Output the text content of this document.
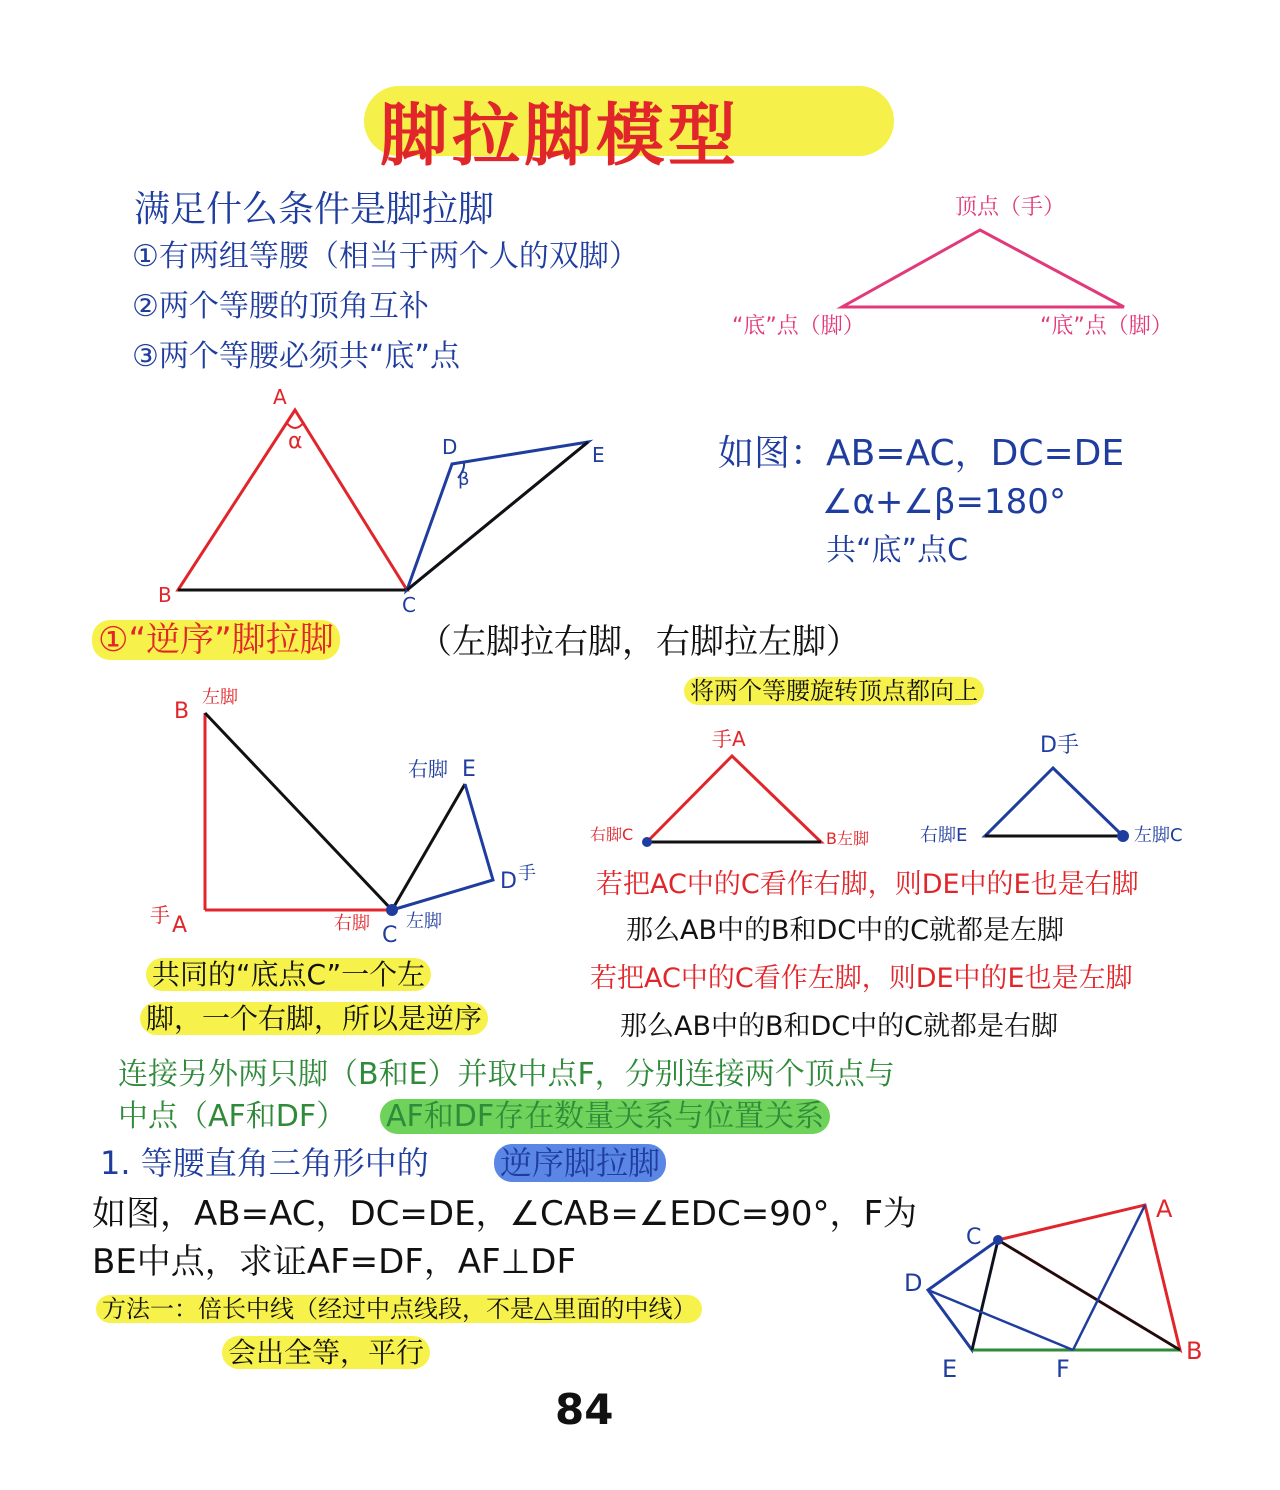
脚拉脚模型
满足什么条件是脚拉脚
①有两组等腰（相当于两个人的双脚）
②两个等腰的顶角互补
③两个等腰必须共“底”点
顶点（手）
“底”点（脚）	“底”点（脚）
A
α
B	C
D
β
E	如图：AB=AC，DC=DE
∠α+∠β=180°
共“底”点C
①“逆序”脚拉脚 （左脚拉右脚，右脚拉左脚）
将两个等腰旋转顶点都向上
B
左脚
手 A	右脚 C
左脚
右脚 E
D 手
共同的“底点C”一个左
脚，一个右脚，所以是逆序
手A
右脚C	B左脚
D手
右脚E	左脚C
若把AC中的C看作右脚，则DE中的E也是右脚
那么AB中的B和DC中的C就都是左脚
若把AC中的C看作左脚，则DE中的E也是左脚
那么AB中的B和DC中的C就都是右脚
连接另外两只脚（B和E）并取中点F，分别连接两个顶点与
中点（AF和DF） AF和DF存在数量关系与位置关系
1. 等腰直角三角形中的 逆序脚拉脚
如图，AB=AC，DC=DE，∠CAB=∠EDC=90°，F为
BE中点，求证AF=DF，AF⊥DF
方法一：倍长中线（经过中点线段，不是△里面的中线）
会出全等，平行
A
B
C
D
E	F
84
